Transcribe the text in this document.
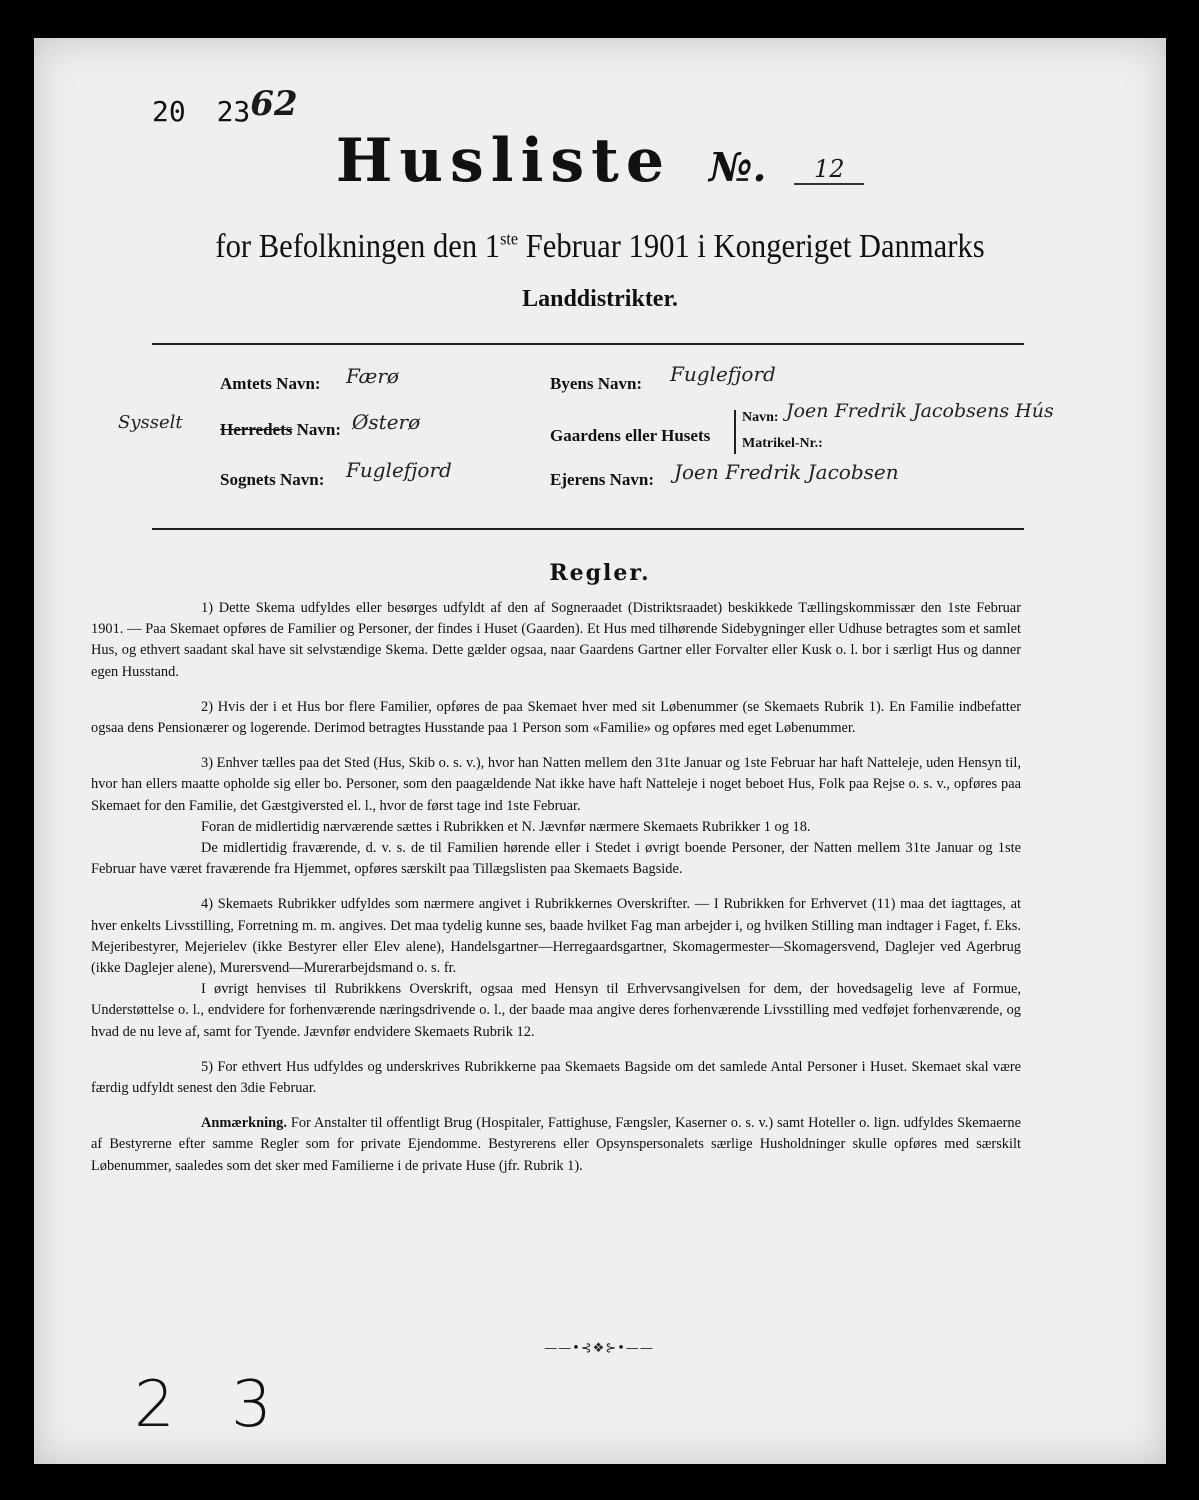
20 2362
Husliste №. 12
for Befolkningen den 1ste Februar 1901 i Kongeriget Danmarks
Landdistrikter.
Amtets Navn: Færø
Sysselt Herredets Navn: Østerø
Sognets Navn: Fuglefjord
Byens Navn: Fuglefjord
Gaardens eller Husets
Navn: Joen Fredrik Jacobsens Hús
Matrikel-Nr.:
Ejerens Navn: Joen Fredrik Jacobsen
Regler.

1) Dette Skema udfyldes eller besørges udfyldt af den af Sogneraadet (Distriktsraadet) beskikkede Tællingskommissær den 1ste Februar 1901. — Paa Skemaet opføres de Familier og Personer, der findes i Huset (Gaarden). Et Hus med tilhørende Sidebygninger eller Udhuse betragtes som et samlet Hus, og ethvert saadant skal have sit selvstændige Skema. Dette gælder ogsaa, naar Gaardens Gartner eller Forvalter eller Kusk o. l. bor i særligt Hus og danner egen Husstand.

2) Hvis der i et Hus bor flere Familier, opføres de paa Skemaet hver med sit Løbenummer (se Skemaets Rubrik 1). En Familie indbefatter ogsaa dens Pensionærer og logerende. Derimod betragtes Husstande paa 1 Person som «Familie» og opføres med eget Løbenummer.

3) Enhver tælles paa det Sted (Hus, Skib o. s. v.), hvor han Natten mellem den 31te Januar og 1ste Februar har haft Natteleje, uden Hensyn til, hvor han ellers maatte opholde sig eller bo. Personer, som den paagældende Nat ikke have haft Natteleje i noget beboet Hus, Folk paa Rejse o. s. v., opføres paa Skemaet for den Familie, det Gæstgiversted el. l., hvor de først tage ind 1ste Februar.

Foran de midlertidig nærværende sættes i Rubrikken et N. Jævnfør nærmere Skemaets Rubrikker 1 og 18.

De midlertidig fraværende, d. v. s. de til Familien hørende eller i Stedet i øvrigt boende Personer, der Natten mellem 31te Januar og 1ste Februar have været fraværende fra Hjemmet, opføres særskilt paa Tillægslisten paa Skemaets Bagside.

4) Skemaets Rubrikker udfyldes som nærmere angivet i Rubrikkernes Overskrifter. — I Rubrikken for Erhvervet (11) maa det iagttages, at hver enkelts Livsstilling, Forretning m. m. angives. Det maa tydelig kunne ses, baade hvilket Fag man arbejder i, og hvilken Stilling man indtager i Faget, f. Eks. Mejeribestyrer, Mejerielev (ikke Bestyrer eller Elev alene), Handelsgartner—Herregaardsgartner, Skomagermester—Skomagersvend, Daglejer ved Agerbrug (ikke Daglejer alene), Murersvend—Murerarbejdsmand o. s. fr.

I øvrigt henvises til Rubrikkens Overskrift, ogsaa med Hensyn til Erhvervsangivelsen for dem, der hovedsagelig leve af Formue, Understøttelse o. l., endvidere for forhenværende næringsdrivende o. l., der baade maa angive deres forhenværende Livsstilling med vedføjet forhenværende, og hvad de nu leve af, samt for Tyende. Jævnfør endvidere Skemaets Rubrik 12.

5) For ethvert Hus udfyldes og underskrives Rubrikkerne paa Skemaets Bagside om det samlede Antal Personer i Huset. Skemaet skal være færdig udfyldt senest den 3die Februar.

Anmærkning. For Anstalter til offentligt Brug (Hospitaler, Fattighuse, Fængsler, Kaserner o. s. v.) samt Hoteller o. lign. udfyldes Skemaerne af Bestyrerne efter samme Regler som for private Ejendomme. Bestyrerens eller Opsynspersonalets særlige Husholdninger skulle opføres med særskilt Løbenummer, saaledes som det sker med Familierne i de private Huse (jfr. Rubrik 1).

——•⊰❖⊱•——
2 3
